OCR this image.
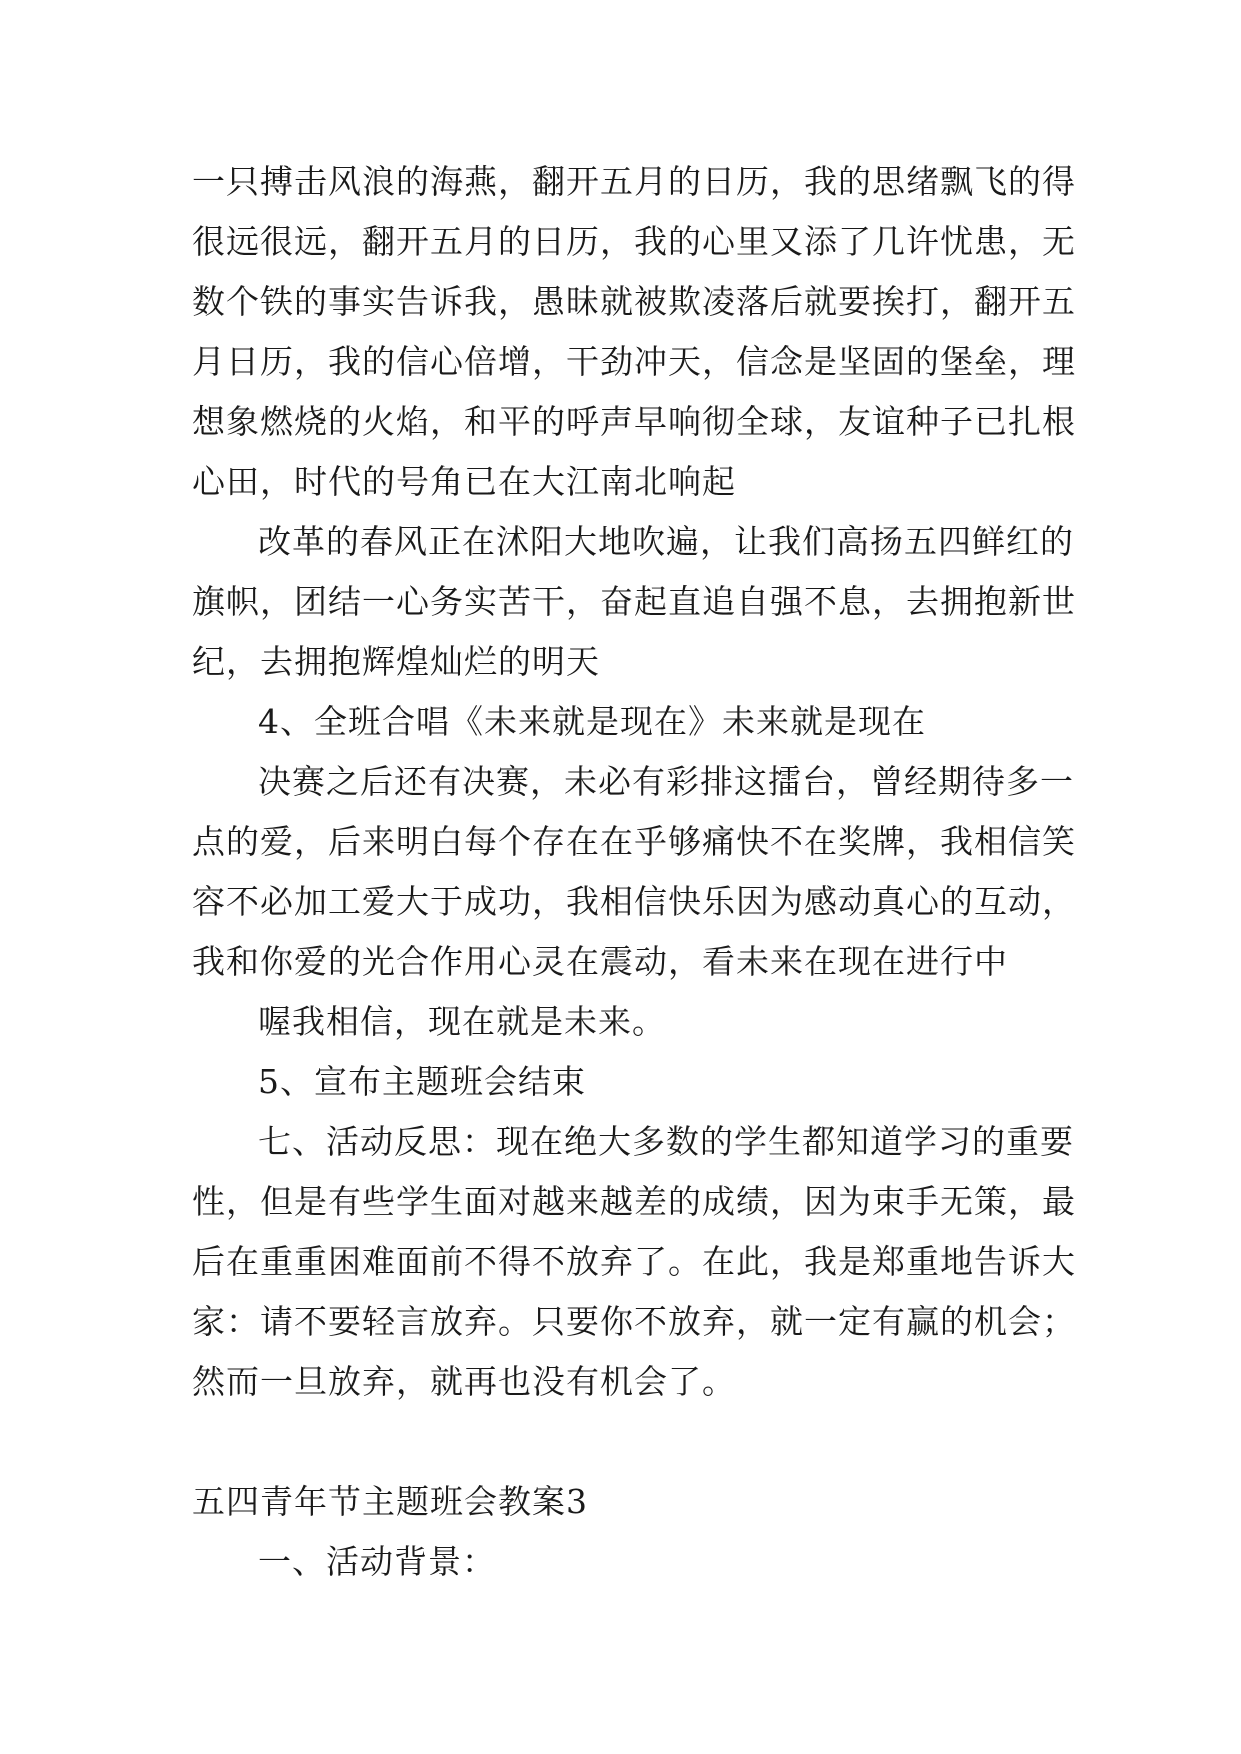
一只搏击风浪的海燕，翻开五月的日历，我的思绪飘飞的得
很远很远，翻开五月的日历，我的心里又添了几许忧患，无
数个铁的事实告诉我，愚昧就被欺凌落后就要挨打，翻开五
月日历，我的信心倍增，干劲冲天，信念是坚固的堡垒，理
想象燃烧的火焰，和平的呼声早响彻全球，友谊种子已扎根
心田，时代的号角已在大江南北响起
改革的春风正在沭阳大地吹遍，让我们高扬五四鲜红的
旗帜，团结一心务实苦干，奋起直追自强不息，去拥抱新世
纪，去拥抱辉煌灿烂的明天
4、全班合唱《未来就是现在》未来就是现在
决赛之后还有决赛，未必有彩排这擂台，曾经期待多一
点的爱，后来明白每个存在在乎够痛快不在奖牌，我相信笑
容不必加工爱大于成功，我相信快乐因为感动真心的互动，
我和你爱的光合作用心灵在震动，看未来在现在进行中
喔我相信，现在就是未来。
5、宣布主题班会结束
七、活动反思：现在绝大多数的学生都知道学习的重要
性，但是有些学生面对越来越差的成绩，因为束手无策，最
后在重重困难面前不得不放弃了。在此，我是郑重地告诉大
家：请不要轻言放弃。只要你不放弃，就一定有赢的机会；
然而一旦放弃，就再也没有机会了。
五四青年节主题班会教案3
一、活动背景：
